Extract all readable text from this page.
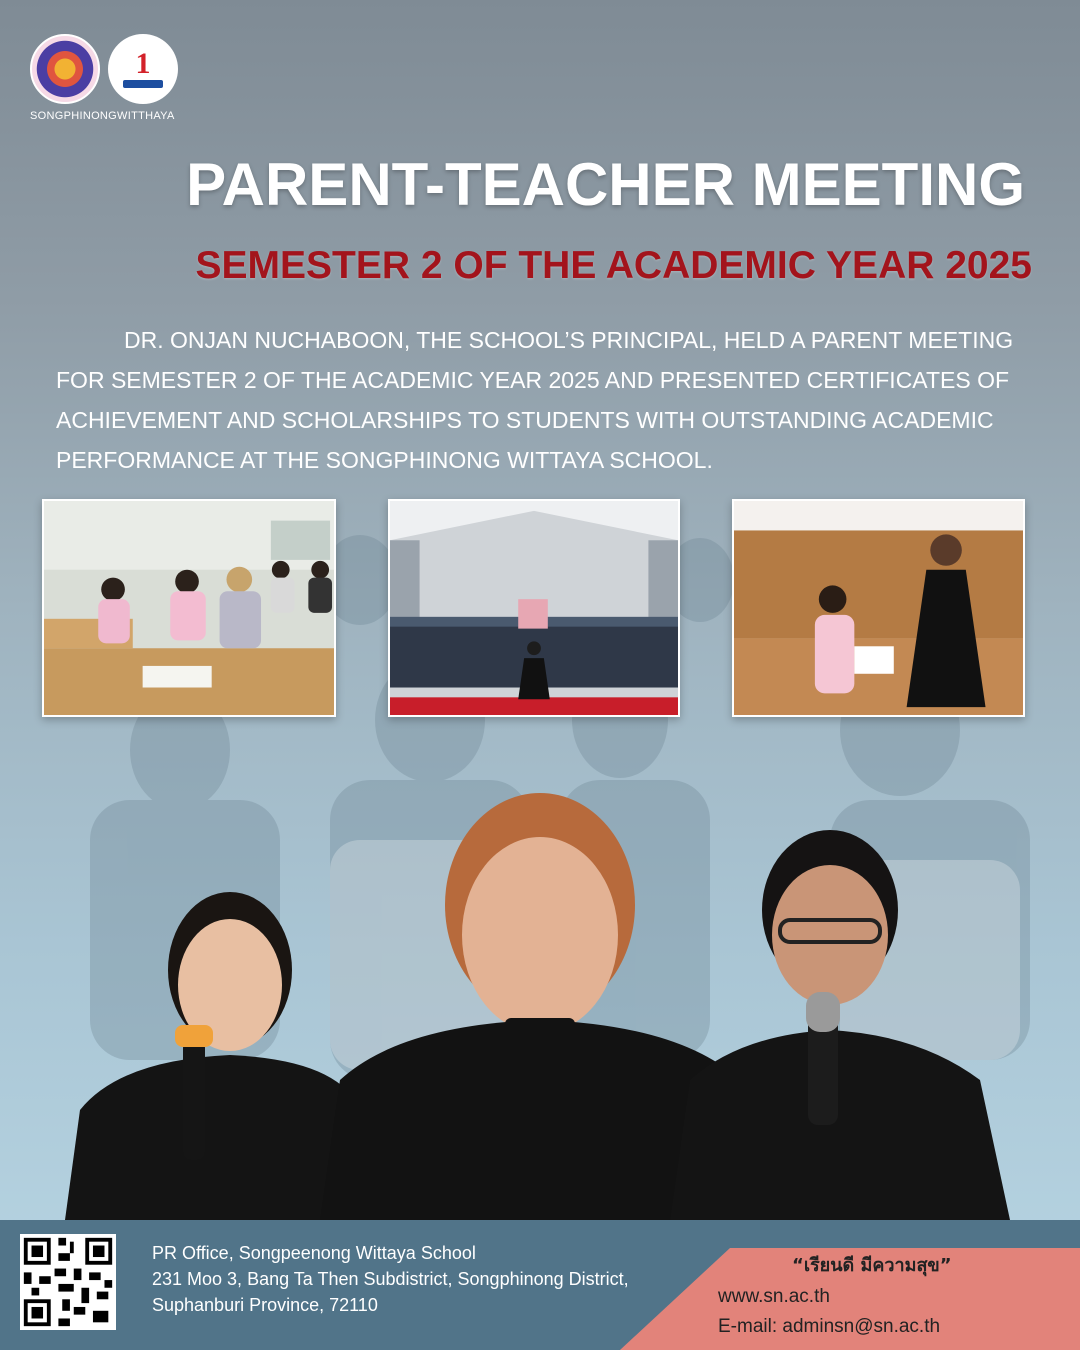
1
SONGPHINONGWITTHAYA
PARENT-TEACHER MEETING
SEMESTER 2 OF THE ACADEMIC YEAR 2025
DR. ONJAN NUCHABOON, THE SCHOOL’S PRINCIPAL, HELD A PARENT MEETING FOR SEMESTER 2 OF THE ACADEMIC YEAR 2025 AND PRESENTED CERTIFICATES OF ACHIEVEMENT AND SCHOLARSHIPS TO STUDENTS WITH OUTSTANDING ACADEMIC PERFORMANCE AT THE SONGPHINONG WITTAYA SCHOOL.
PR Office, Songpeenong Wittaya School
231 Moo 3, Bang Ta Then Subdistrict, Songphinong District,
Suphanburi Province, 72110
“เรียนดี มีความสุข”
www.sn.ac.th
E-mail: adminsn@sn.ac.th
